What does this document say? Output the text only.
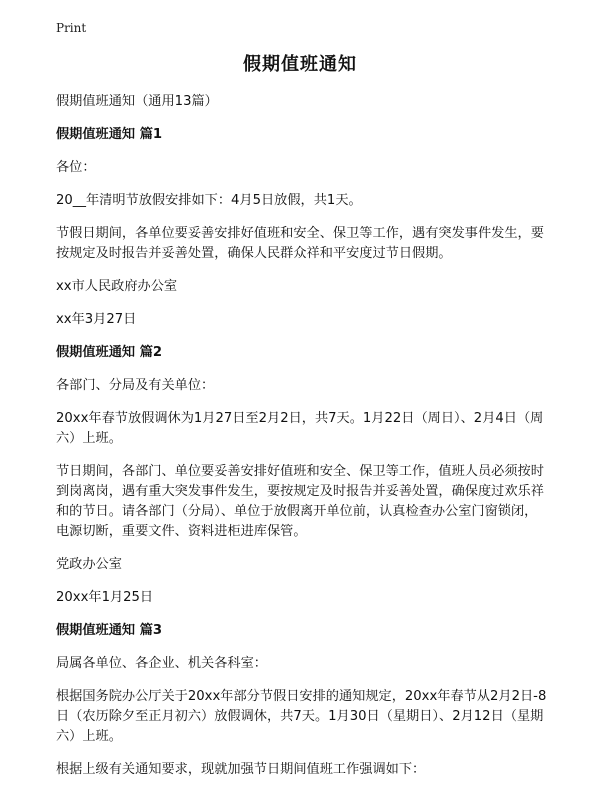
Print
假期值班通知

假期值班通知（通用13篇）

假期值班通知 篇1

各位：

20__年清明节放假安排如下：4月5日放假，共1天。

节假日期间，各单位要妥善安排好值班和安全、保卫等工作，遇有突发事件发生，要按规定及时报告并妥善处置，确保人民群众祥和平安度过节日假期。

xx市人民政府办公室

xx年3月27日

假期值班通知 篇2

各部门、分局及有关单位：

20xx年春节放假调休为1月27日至2月2日，共7天。1月22日（周日）、2月4日（周六）上班。

节日期间，各部门、单位要妥善安排好值班和安全、保卫等工作，值班人员必须按时到岗离岗，遇有重大突发事件发生，要按规定及时报告并妥善处置，确保度过欢乐祥和的节日。请各部门（分局）、单位于放假离开单位前，认真检查办公室门窗锁闭，电源切断，重要文件、资料进柜进库保管。

党政办公室

20xx年1月25日

假期值班通知 篇3

局属各单位、各企业、机关各科室：

根据国务院办公厅关于20xx年部分节假日安排的通知规定，20xx年春节从2月2日-8日（农历除夕至正月初六）放假调休，共7天。1月30日（星期日）、2月12日（星期六）上班。

根据上级有关通知要求，现就加强节日期间值班工作强调如下：
